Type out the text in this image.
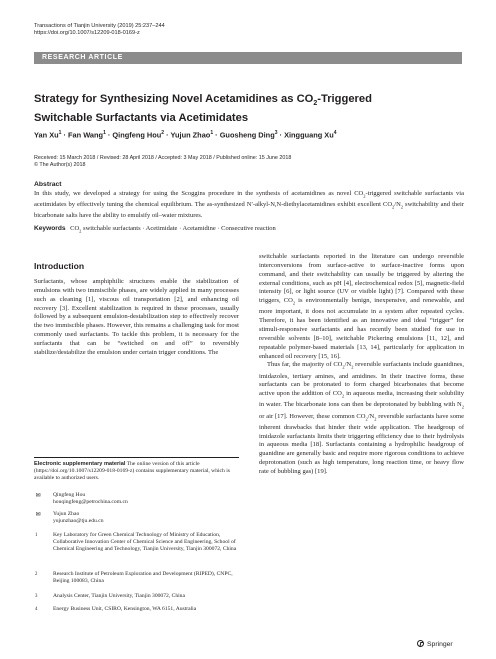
Transactions of Tianjin University (2019) 25:237–244
https://doi.org/10.1007/s12209-018-0169-z
RESEARCH ARTICLE
Strategy for Synthesizing Novel Acetamidines as $CO_2$-Triggered
Switchable Surfactants via Acetimidates
Yan $Xu^1$ · Fan Wang$^1$ · Qingfeng Hou$^2$ · Yujun Zhao$^1$ · Guosheng Ding$^3$ · Xingguang Xu$^4$
Received: 15 March 2018 / Revised: 28 April 2018 / Accepted: 3 May 2018 / Published online: 15 June 2018
© The Author(s) 2018
Abstract
In this study, we developed a strategy for using the Scoggins procedure in the synthesis of acetamidines as novel $CO_2$-triggered switchable surfactants via acetimidates by effectively tuning the chemical equilibrium. The as-synthesized N′-alkyl-N,N-diethylacetamidines exhibit excellent $CO_2/N_2$ switchability and their bicarbonate salts have the ability to emulsify oil–water mixtures.
Keywords $CO_2$ switchable surfactants · Acetimidate · Acetamidine · Consecutive reaction
Introduction
Surfactants, whose amphiphilic structures enable the stabilization of emulsions with two immiscible phases, are widely applied in many processes such as cleaning [1], viscous oil transportation [2], and enhancing oil recovery [3]. Excellent stabilization is required in these processes, usually followed by a subsequent emulsion-destabilization step to effectively recover the two immiscible phases. However, this remains a challenging task for most commonly used surfactants. To tackle this problem, it is necessary for the surfactants that can be “switched on and off” to reversibly stabilize/destabilize the emulsion under certain trigger conditions. The
switchable surfactants reported in the literature can undergo reversible interconversions from surface-active to surface-inactive forms upon command, and their switchability can usually be triggered by altering the external conditions, such as pH [4], electrochemical redox [5], magnetic-field intensity [6], or light source (UV or visible light) [7]. Compared with these triggers, $CO_2$ is environmentally benign, inexpensive, and renewable, and more important, it does not accumulate in a system after repeated cycles. Therefore, it has been identified as an innovative and ideal “trigger” for stimuli-responsive surfactants and has recently been studied for use in reversible solvents [8–10], switchable Pickering emulsions [11, 12], and repeatable polymer-based materials [13, 14], particularly for application in enhanced oil recovery [15, 16].
Thus far, the majority of $CO_2/N_2$ reversible surfactants include guanidines, imidazoles, tertiary amines, and amidines. In their inactive forms, these surfactants can be protonated to form charged bicarbonates that become active upon the addition of $CO_2$ in aqueous media, increasing their solubility in water. The bicarbonate ions can then be deprotonated by bubbling with $N_2$ or air [17]. However, these common $CO_2/N_2$ reversible surfactants have some inherent drawbacks that hinder their wide application. The headgroup of imidazole surfactants limits their triggering efficiency due to their hydrolysis in aqueous media [18]. Surfactants containing a hydrophilic headgroup of guanidine are generally basic and require more rigorous conditions to achieve deprotonation (such as high temperature, long reaction time, or heavy flow rate of bubbling gas) [19].
Electronic supplementary material The online version of this article (https://doi.org/10.1007/s12209-018-0169-z) contains supplementary material, which is available to authorized users.
✉ Qingfeng Hou
houqingfeng@petrochina.com.cn
✉ Yujun Zhao
yujunzhao@tju.edu.cn
1	Key Laboratory for Green Chemical Technology of Ministry of Education, Collaborative Innovation Center of Chemical Science and Engineering, School of Chemical Engineering and Technology, Tianjin University, Tianjin 300072, China
2	Research Institute of Petroleum Exploration and Development (RIPED), CNPC, Beijing 100083, China
3	Analysis Center, Tianjin University, Tianjin 300072, China
4	Energy Business Unit, CSIRO, Kensington, WA 6151, Australia
Springer
